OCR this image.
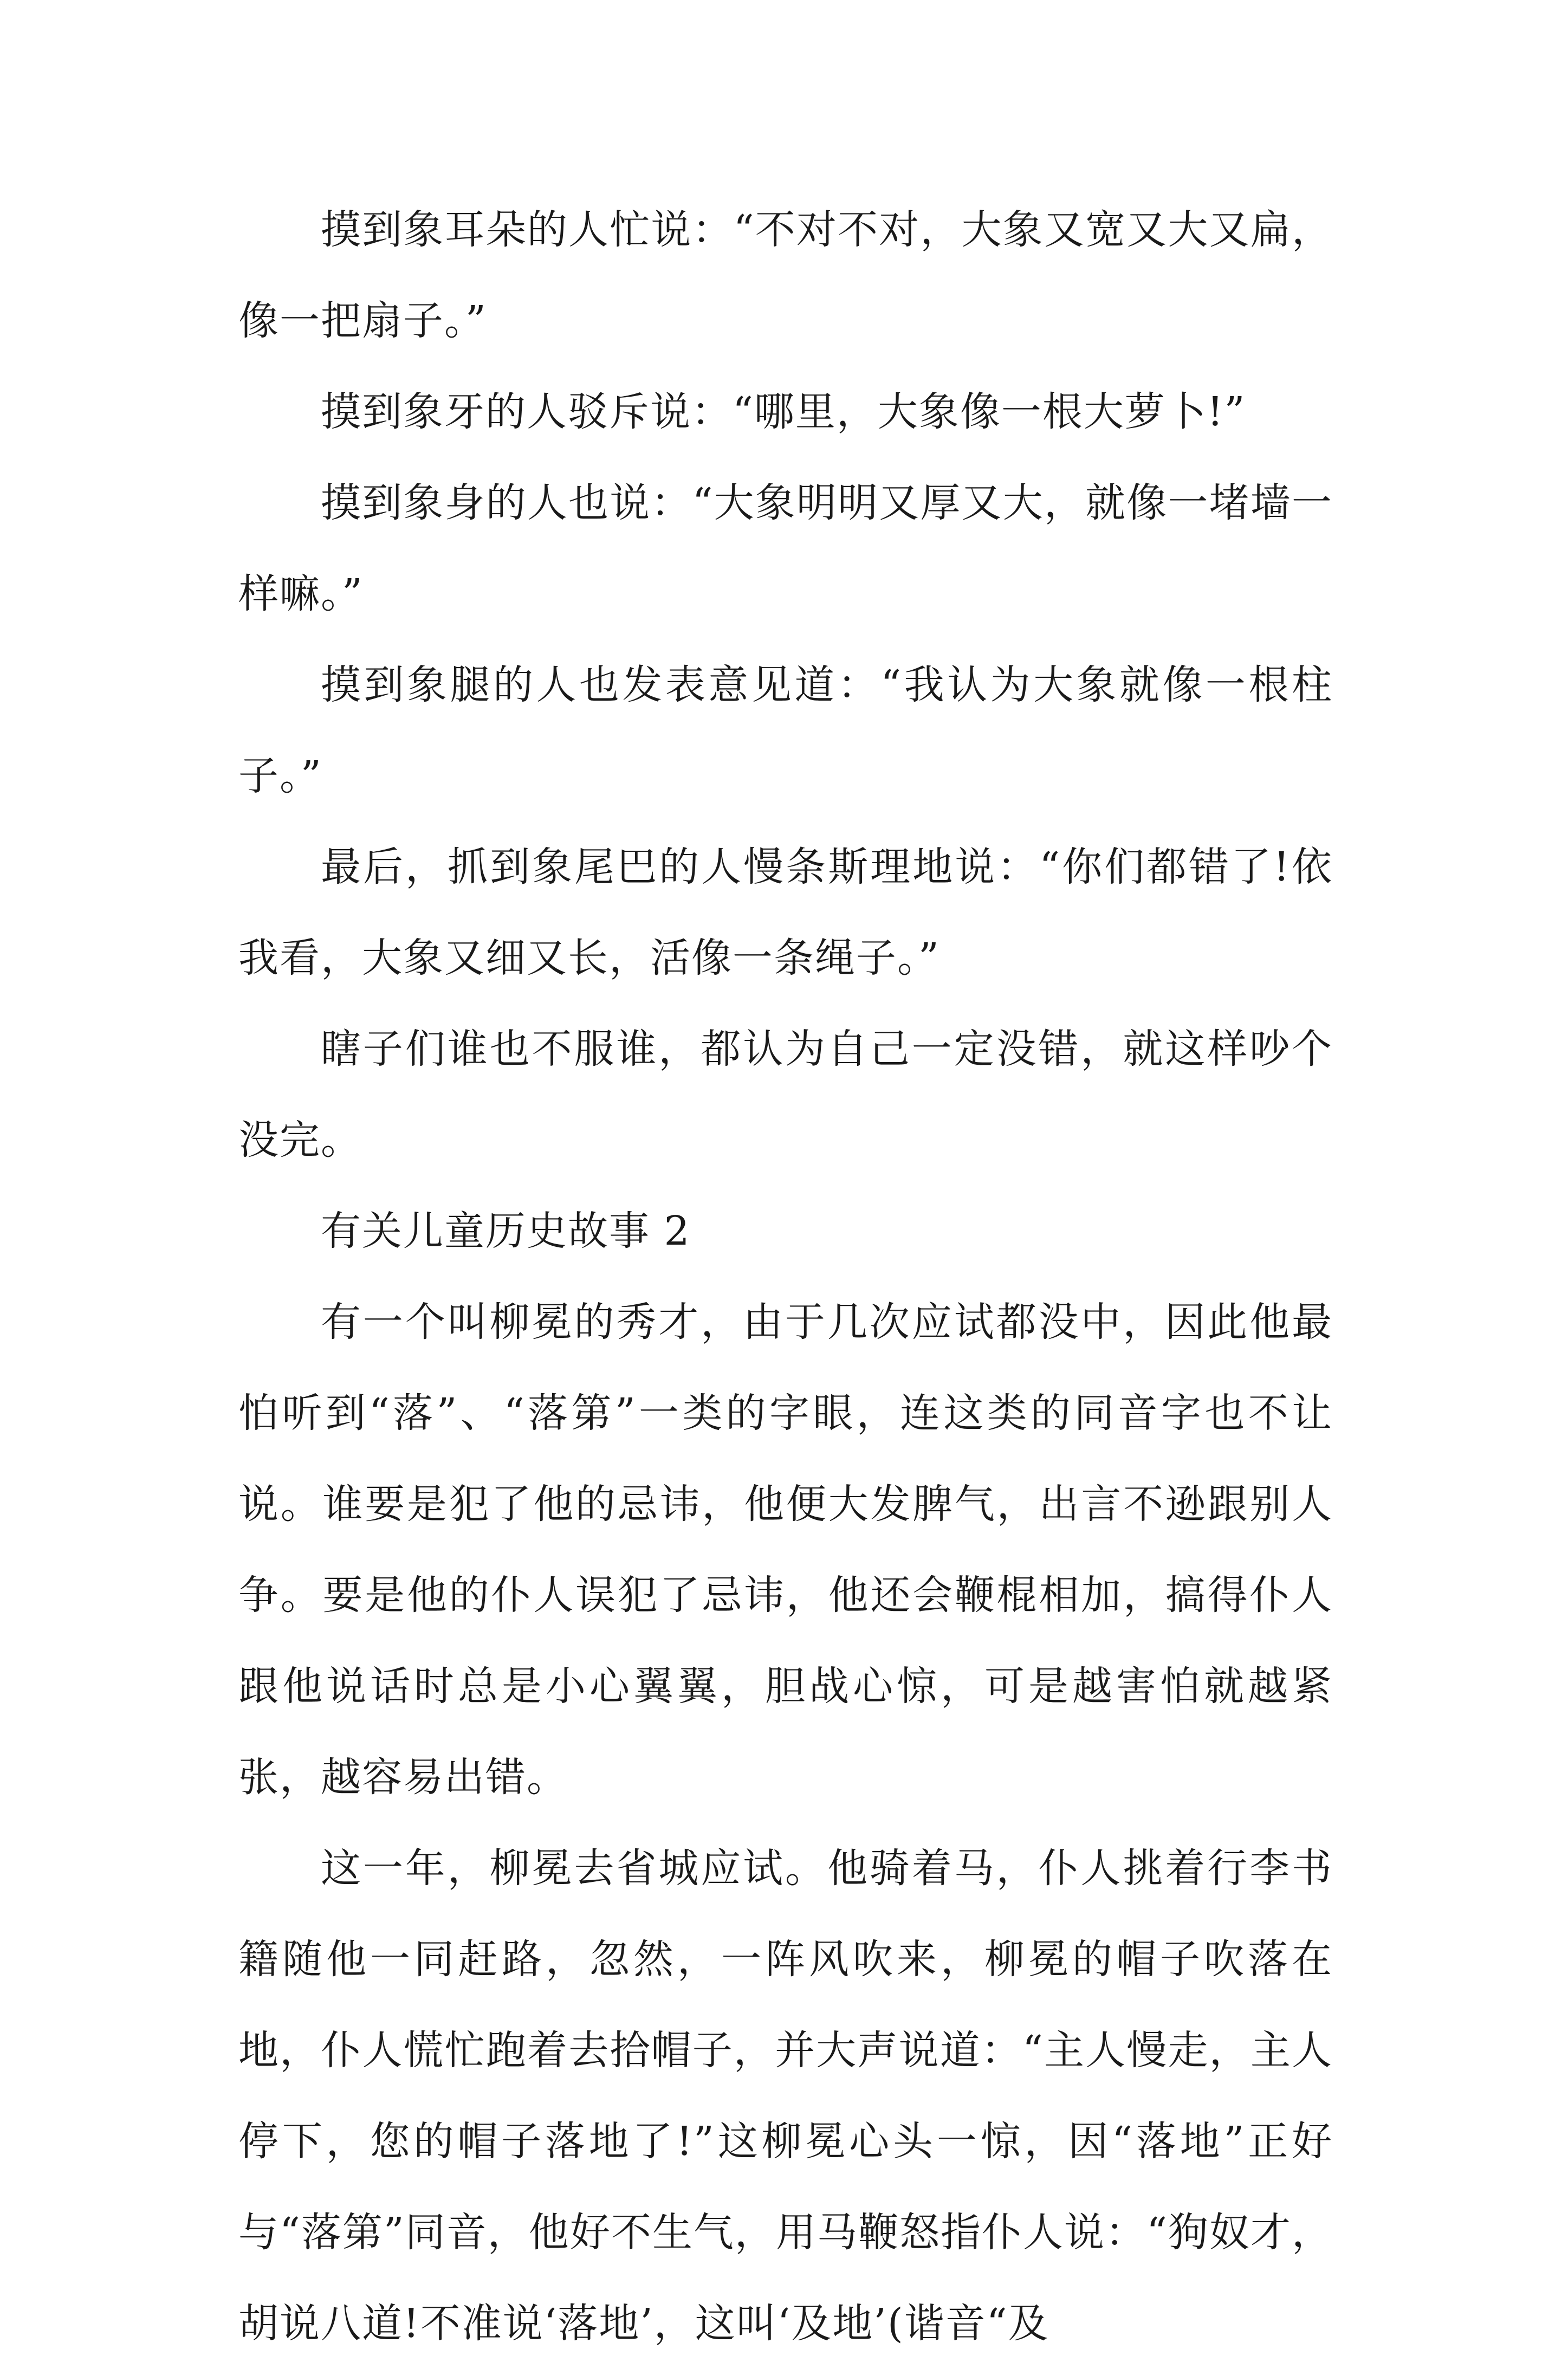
摸到象耳朵的人忙说：“不对不对，大象又宽又大又扁，像一把扇子。”

摸到象牙的人驳斥说：“哪里，大象像一根大萝卜!”

摸到象身的人也说：“大象明明又厚又大，就像一堵墙一样嘛。”

摸到象腿的人也发表意见道：“我认为大象就像一根柱子。”

最后，抓到象尾巴的人慢条斯理地说：“你们都错了!依我看，大象又细又长，活像一条绳子。”

瞎子们谁也不服谁，都认为自己一定没错，就这样吵个没完。

有关儿童历史故事 2

有一个叫柳冕的秀才，由于几次应试都没中，因此他最怕听到“落”、“落第”一类的字眼，连这类的同音字也不让说。谁要是犯了他的忌讳，他便大发脾气，出言不逊跟别人争。要是他的仆人误犯了忌讳，他还会鞭棍相加，搞得仆人跟他说话时总是小心翼翼，胆战心惊，可是越害怕就越紧张，越容易出错。

这一年，柳冕去省城应试。他骑着马，仆人挑着行李书籍随他一同赶路，忽然，一阵风吹来，柳冕的帽子吹落在地，仆人慌忙跑着去拾帽子，并大声说道：“主人慢走，主人停下，您的帽子落地了!”这柳冕心头一惊，因“落地”正好与“落第”同音，他好不生气，用马鞭怒指仆人说：“狗奴才，胡说八道!不准说‘落地’，这叫‘及地’(谐音“及
